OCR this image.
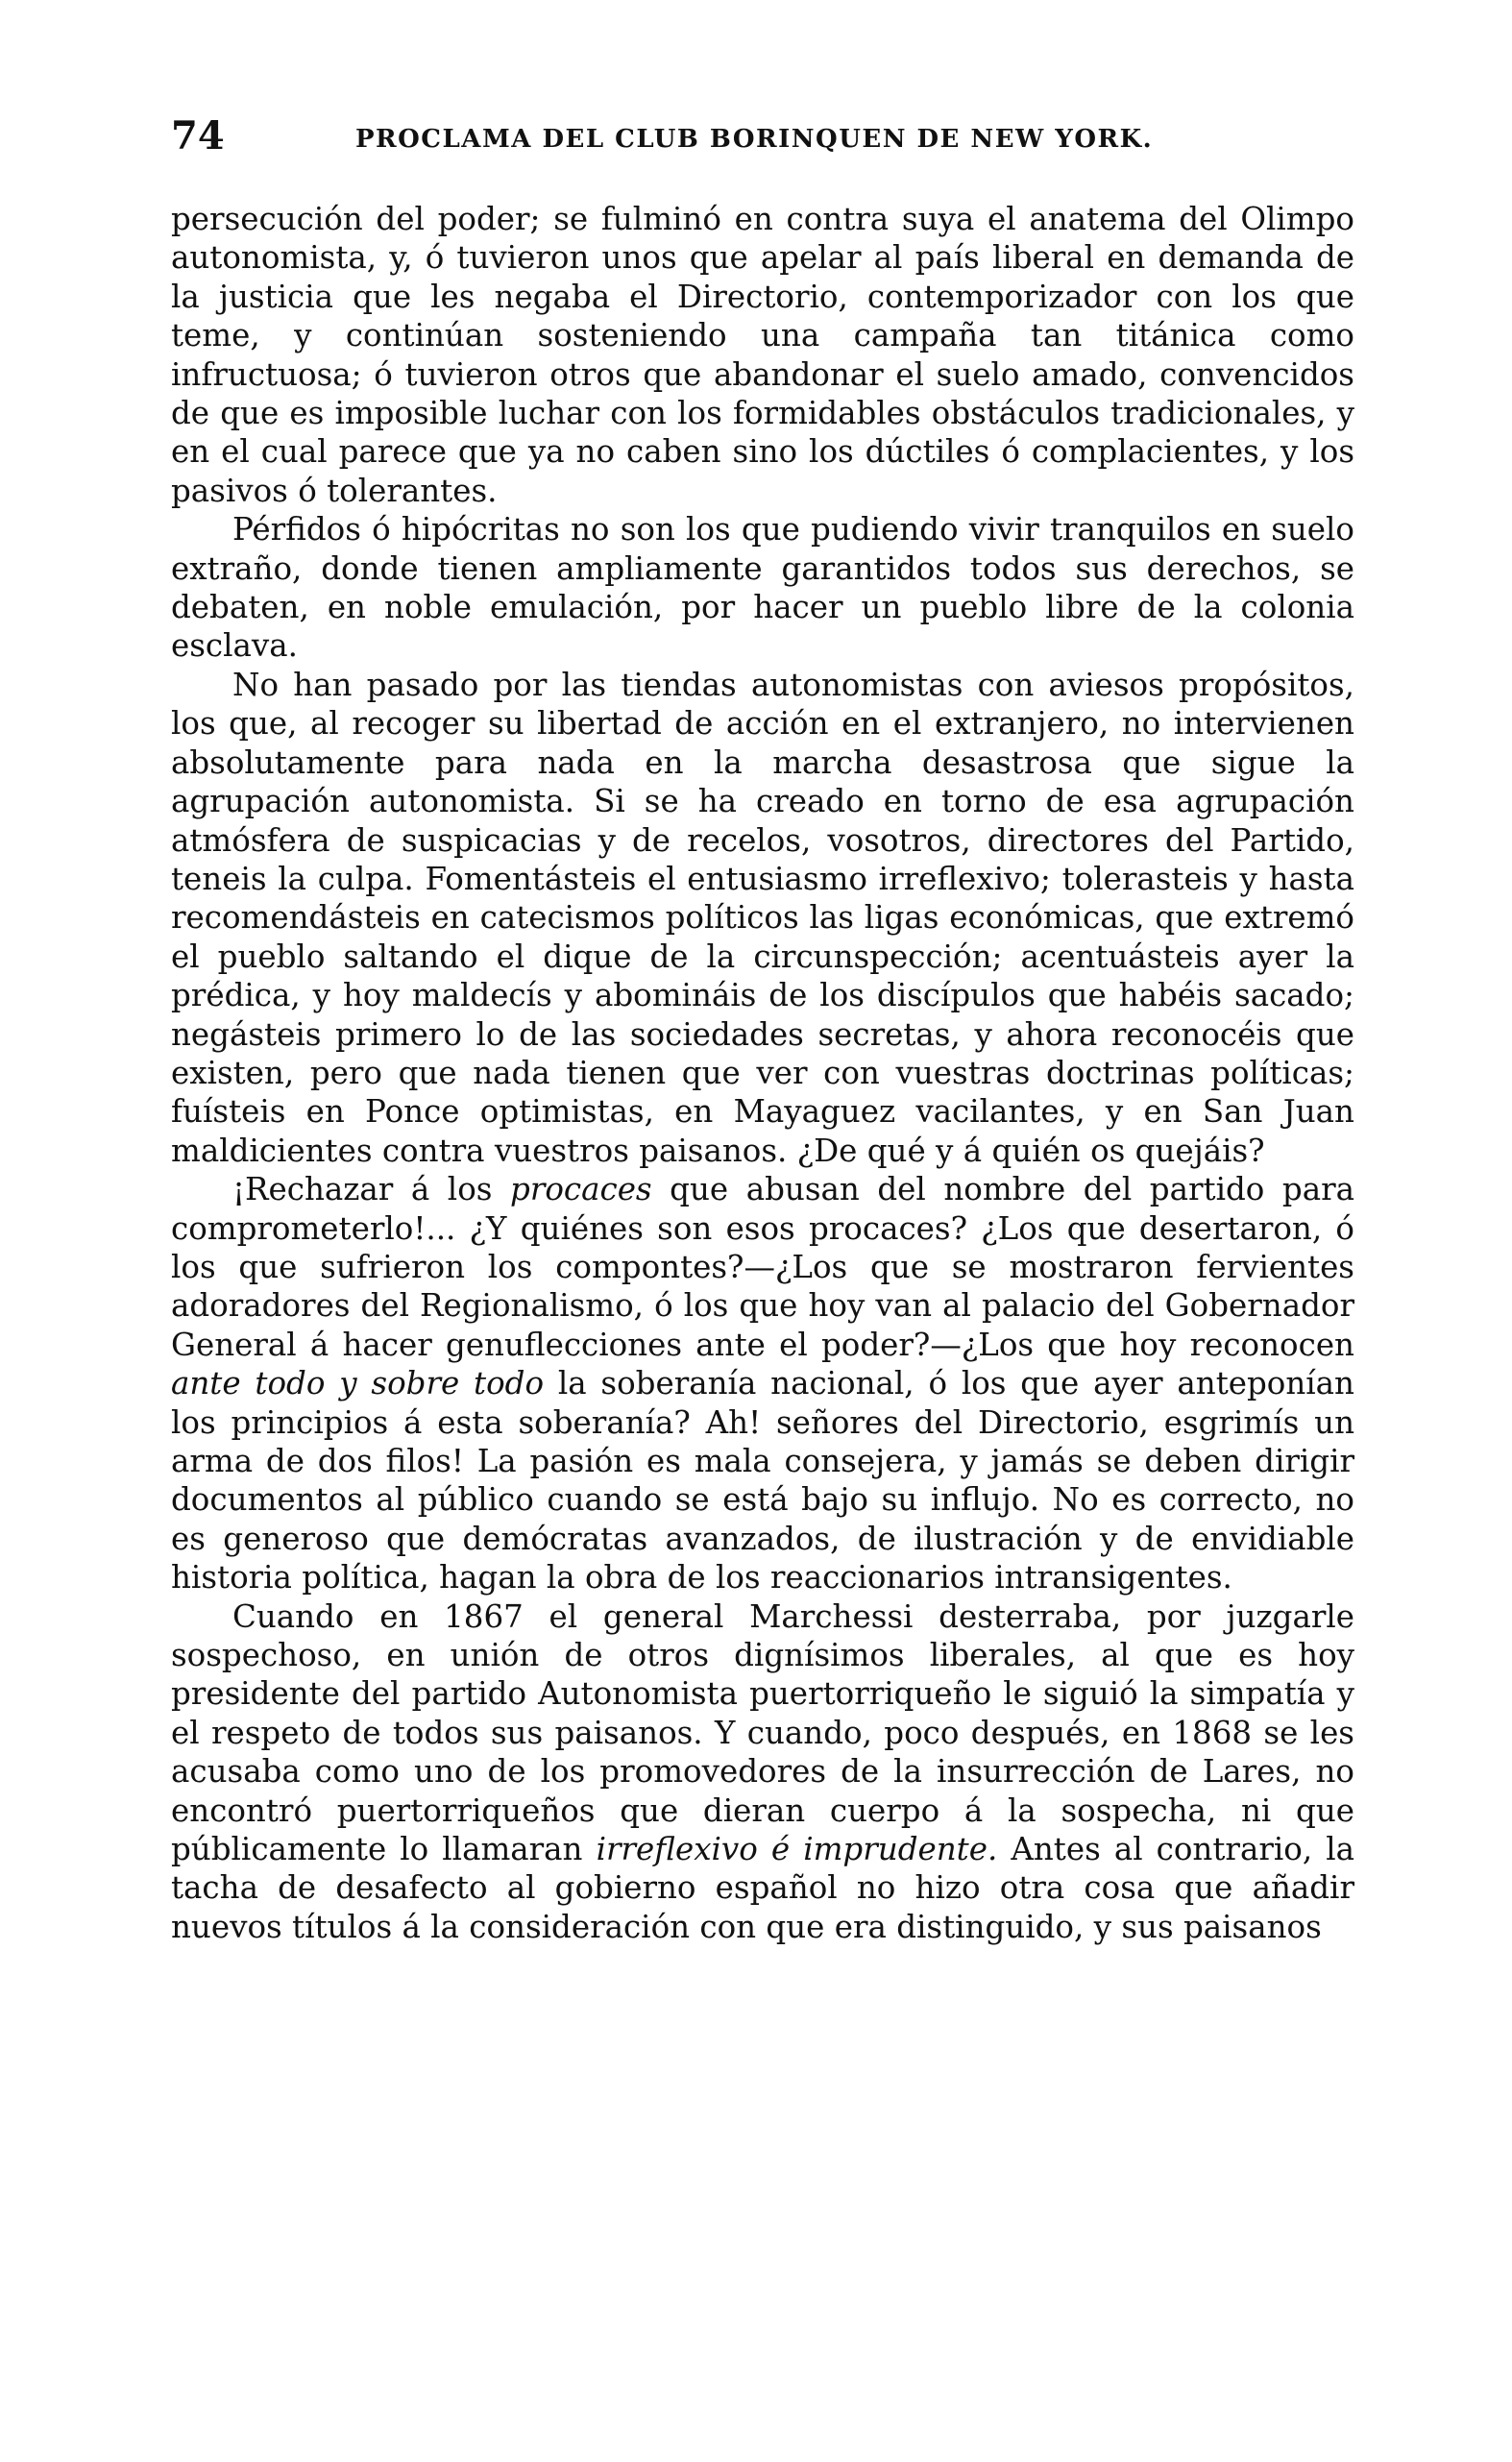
74	PROCLAMA DEL CLUB BORINQUEN DE NEW YORK.

persecución del poder; se fulminó en contra suya el anatema del Olimpo autonomista, y, ó tuvieron unos que apelar al país liberal en demanda de la justicia que les negaba el Directorio, contemporizador con los que teme, y continúan sosteniendo una campaña tan titánica como infructuosa; ó tuvieron otros que abandonar el suelo amado, convencidos de que es imposible luchar con los formidables obstáculos tradicionales, y en el cual parece que ya no caben sino los dúctiles ó complacientes, y los pasivos ó tolerantes.

Pérfidos ó hipócritas no son los que pudiendo vivir tranquilos en suelo extraño, donde tienen ampliamente garantidos todos sus derechos, se debaten, en noble emulación, por hacer un pueblo libre de la colonia esclava.

No han pasado por las tiendas autonomistas con aviesos propósitos, los que, al recoger su libertad de acción en el extranjero, no intervienen absolutamente para nada en la marcha desastrosa que sigue la agrupación autonomista. Si se ha creado en torno de esa agrupación atmósfera de suspicacias y de recelos, vosotros, directores del Partido, teneis la culpa. Fomentásteis el entusiasmo irreflexivo; tolerasteis y hasta recomendásteis en catecismos políticos las ligas económicas, que extremó el pueblo saltando el dique de la circunspección; acentuásteis ayer la prédica, y hoy maldecís y abomináis de los discípulos que habéis sacado; negásteis primero lo de las sociedades secretas, y ahora reconocéis que existen, pero que nada tienen que ver con vuestras doctrinas políticas; fuísteis en Ponce optimistas, en Mayaguez vacilantes, y en San Juan maldicientes contra vuestros paisanos. ¿De qué y á quién os quejáis?

¡Rechazar á los procaces que abusan del nombre del partido para comprometerlo!... ¿Y quiénes son esos procaces? ¿Los que desertaron, ó los que sufrieron los compontes?—¿Los que se mostraron fervientes adoradores del Regionalismo, ó los que hoy van al palacio del Gobernador General á hacer genuflecciones ante el poder?—¿Los que hoy reconocen ante todo y sobre todo la soberanía nacional, ó los que ayer anteponían los principios á esta soberanía? Ah! señores del Directorio, esgrimís un arma de dos filos! La pasión es mala consejera, y jamás se deben dirigir documentos al público cuando se está bajo su influjo. No es correcto, no es generoso que demócratas avanzados, de ilustración y de envidiable historia política, hagan la obra de los reaccionarios intransigentes.

Cuando en 1867 el general Marchessi desterraba, por juzgarle sospechoso, en unión de otros dignísimos liberales, al que es hoy presidente del partido Autonomista puertorriqueño le siguió la simpatía y el respeto de todos sus paisanos. Y cuando, poco después, en 1868 se les acusaba como uno de los promovedores de la insurrección de Lares, no encontró puertorriqueños que dieran cuerpo á la sospecha, ni que públicamente lo llamaran irreflexivo é imprudente. Antes al contrario, la tacha de desafecto al gobierno español no hizo otra cosa que añadir nuevos títulos á la consideración con que era distinguido, y sus paisanos
